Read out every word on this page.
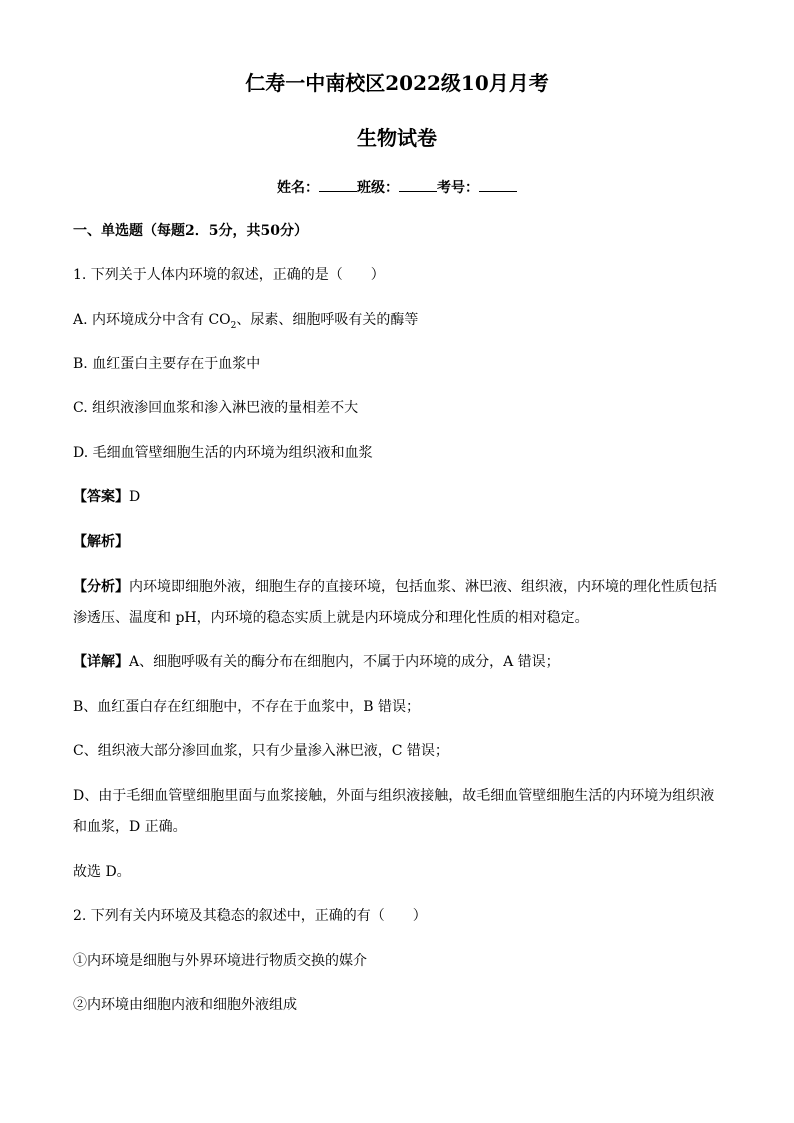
仁寿一中南校区2022级10月月考
生物试卷
姓名：	班级：	考号：
一、单选题（每题2．5分，共50分）
1. 下列关于人体内环境的叙述，正确的是（　　）
A. 内环境成分中含有 $CO_2$、尿素、细胞呼吸有关的酶等
B. 血红蛋白主要存在于血浆中
C. 组织液渗回血浆和渗入淋巴液的量相差不大
D. 毛细血管壁细胞生活的内环境为组织液和血浆
【答案】D
【解析】
【分析】内环境即细胞外液，细胞生存的直接环境，包括血浆、淋巴液、组织液，内环境的理化性质包括
渗透压、温度和 pH，内环境的稳态实质上就是内环境成分和理化性质的相对稳定。
【详解】A、细胞呼吸有关的酶分布在细胞内，不属于内环境的成分，A 错误；
B、血红蛋白存在红细胞中，不存在于血浆中，B 错误；
C、组织液大部分渗回血浆，只有少量渗入淋巴液，C 错误；
D、由于毛细血管壁细胞里面与血浆接触，外面与组织液接触，故毛细血管壁细胞生活的内环境为组织液
和血浆，D 正确。
故选 D。
2. 下列有关内环境及其稳态的叙述中，正确的有（　　）
①内环境是细胞与外界环境进行物质交换的媒介
②内环境由细胞内液和细胞外液组成
